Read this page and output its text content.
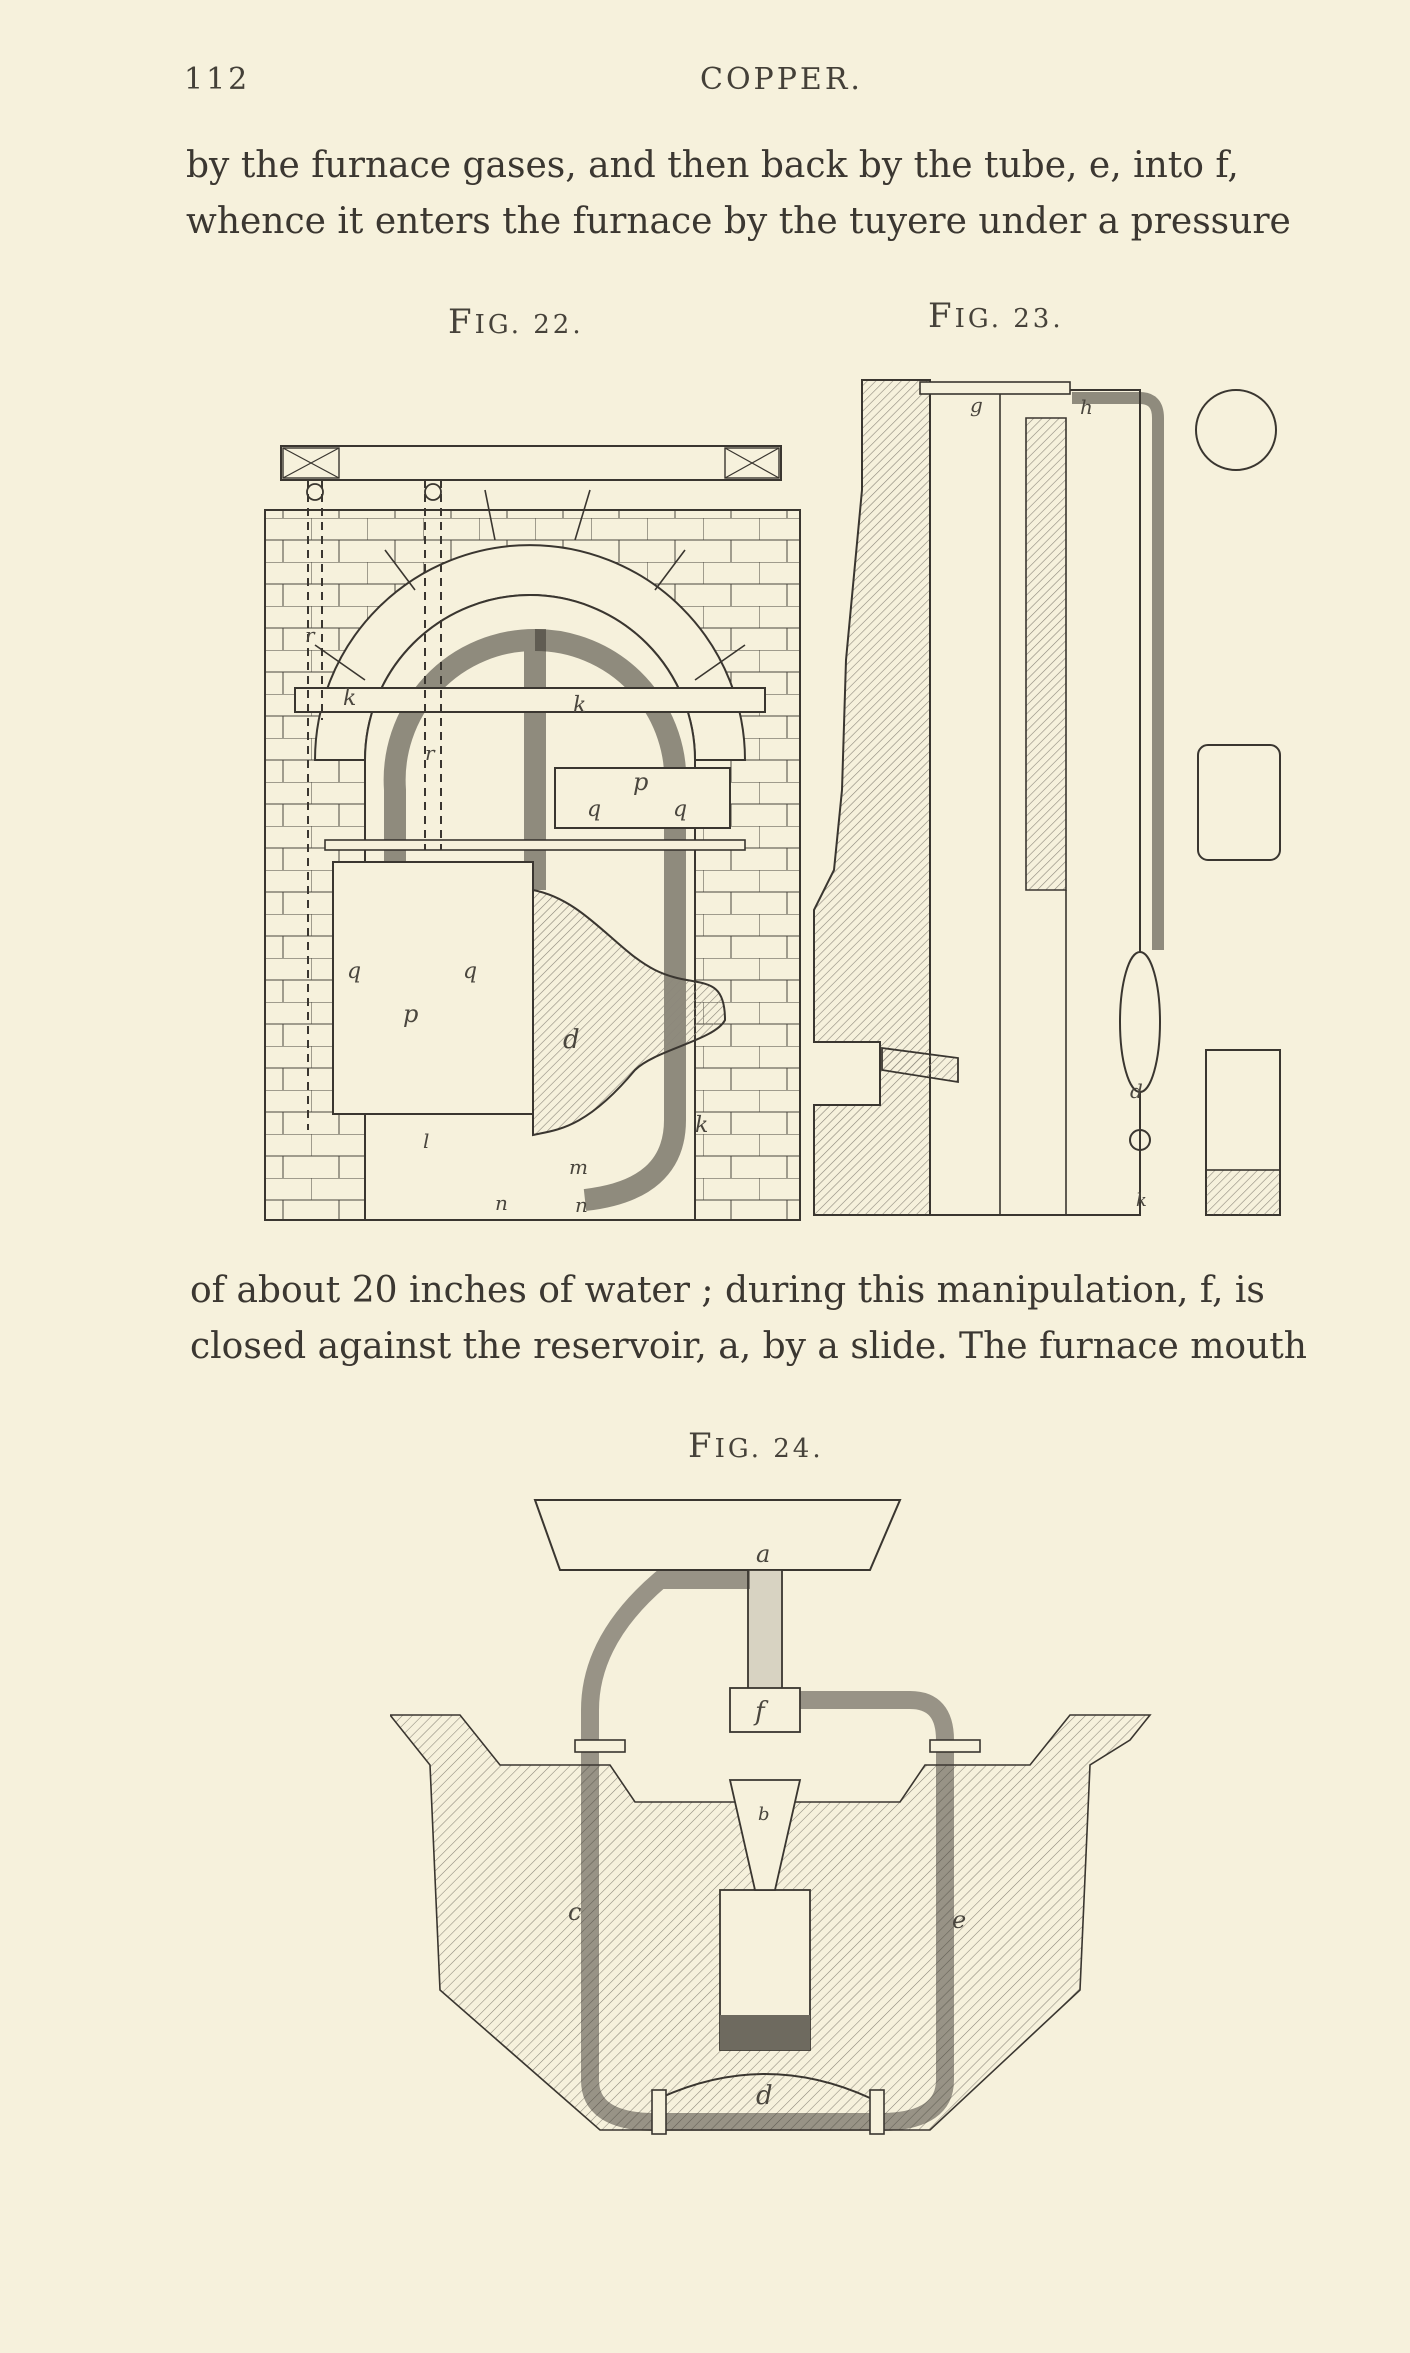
112	COPPER.
by the furnace gases, and then back by the tube, e, into f,
whence it enters the furnace by the tuyere under a pressure
FIG. 22.	FIG. 23.
r
r
k	k
k
p
p
q	q
q	q
d
m
n	n
l
g	h
d
k
of about 20 inches of water ; during this manipulation, f, is
closed against the reservoir, a, by a slide. The furnace mouth
FIG. 24.
a
f
b
c	e
d
